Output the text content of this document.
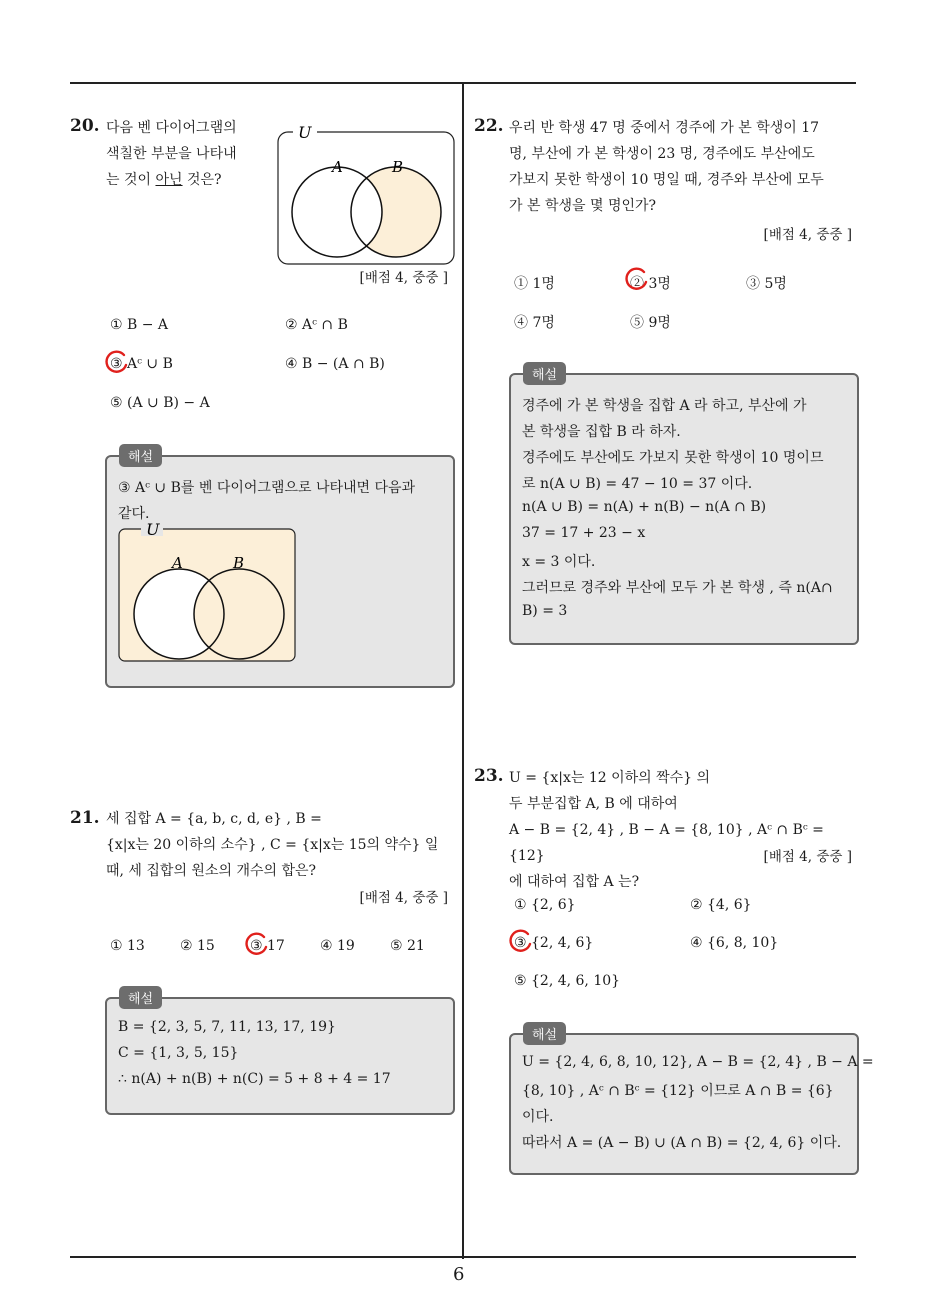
6
20. 다음 벤 다이어그램의
색칠한 부분을 나타내
는 것이 아닌 것은?
U
A	B
[배점 4, 중중 ]
① B − A	② Aᶜ ∩ B
③ Aᶜ ∪ B	④ B − (A ∩ B)
⑤ (A ∪ B) − A
해설
③ Aᶜ ∪ B를 벤 다이어그램으로 나타내면 다음과
같다.
U
A	B
21. 세 집합 A = {a, b, c, d, e} , B =
{x|x는 20 이하의 소수} , C = {x|x는 15의 약수} 일
때, 세 집합의 원소의 개수의 합은?
[배점 4, 중중 ]
① 13	② 15	③ 17	④ 19	⑤ 21
해설
B = {2, 3, 5, 7, 11, 13, 17, 19}
C = {1, 3, 5, 15}
∴ n(A) + n(B) + n(C) = 5 + 8 + 4 = 17
22. 우리 반 학생 47 명 중에서 경주에 가 본 학생이 17
명, 부산에 가 본 학생이 23 명, 경주에도 부산에도
가보지 못한 학생이 10 명일 때, 경주와 부산에 모두
가 본 학생을 몇 명인가?
[배점 4, 중중 ]
① 1명	② 3명	③ 5명
④ 7명	⑤ 9명
해설
경주에 가 본 학생을 집합 A 라 하고, 부산에 가
본 학생을 집합 B 라 하자.
경주에도 부산에도 가보지 못한 학생이 10 명이므
로 n(A ∪ B) = 47 − 10 = 37 이다.
n(A ∪ B) = n(A) + n(B) − n(A ∩ B)
37 = 17 + 23 − x
x = 3 이다.
그러므로 경주와 부산에 모두 가 본 학생 , 즉 n(A∩
B) = 3
23. U = {x|x는 12 이하의 짝수} 의
두 부분집합 A, B 에 대하여
A − B = {2, 4} , B − A = {8, 10} , Aᶜ ∩ Bᶜ = {12}
에 대하여 집합 A 는?
[배점 4, 중중 ]
① {2, 6}	② {4, 6}
③ {2, 4, 6}	④ {6, 8, 10}
⑤ {2, 4, 6, 10}
해설
U = {2, 4, 6, 8, 10, 12}, A − B = {2, 4} , B − A =
{8, 10} , Aᶜ ∩ Bᶜ = {12} 이므로 A ∩ B = {6}
이다.
따라서 A = (A − B) ∪ (A ∩ B) = {2, 4, 6} 이다.
